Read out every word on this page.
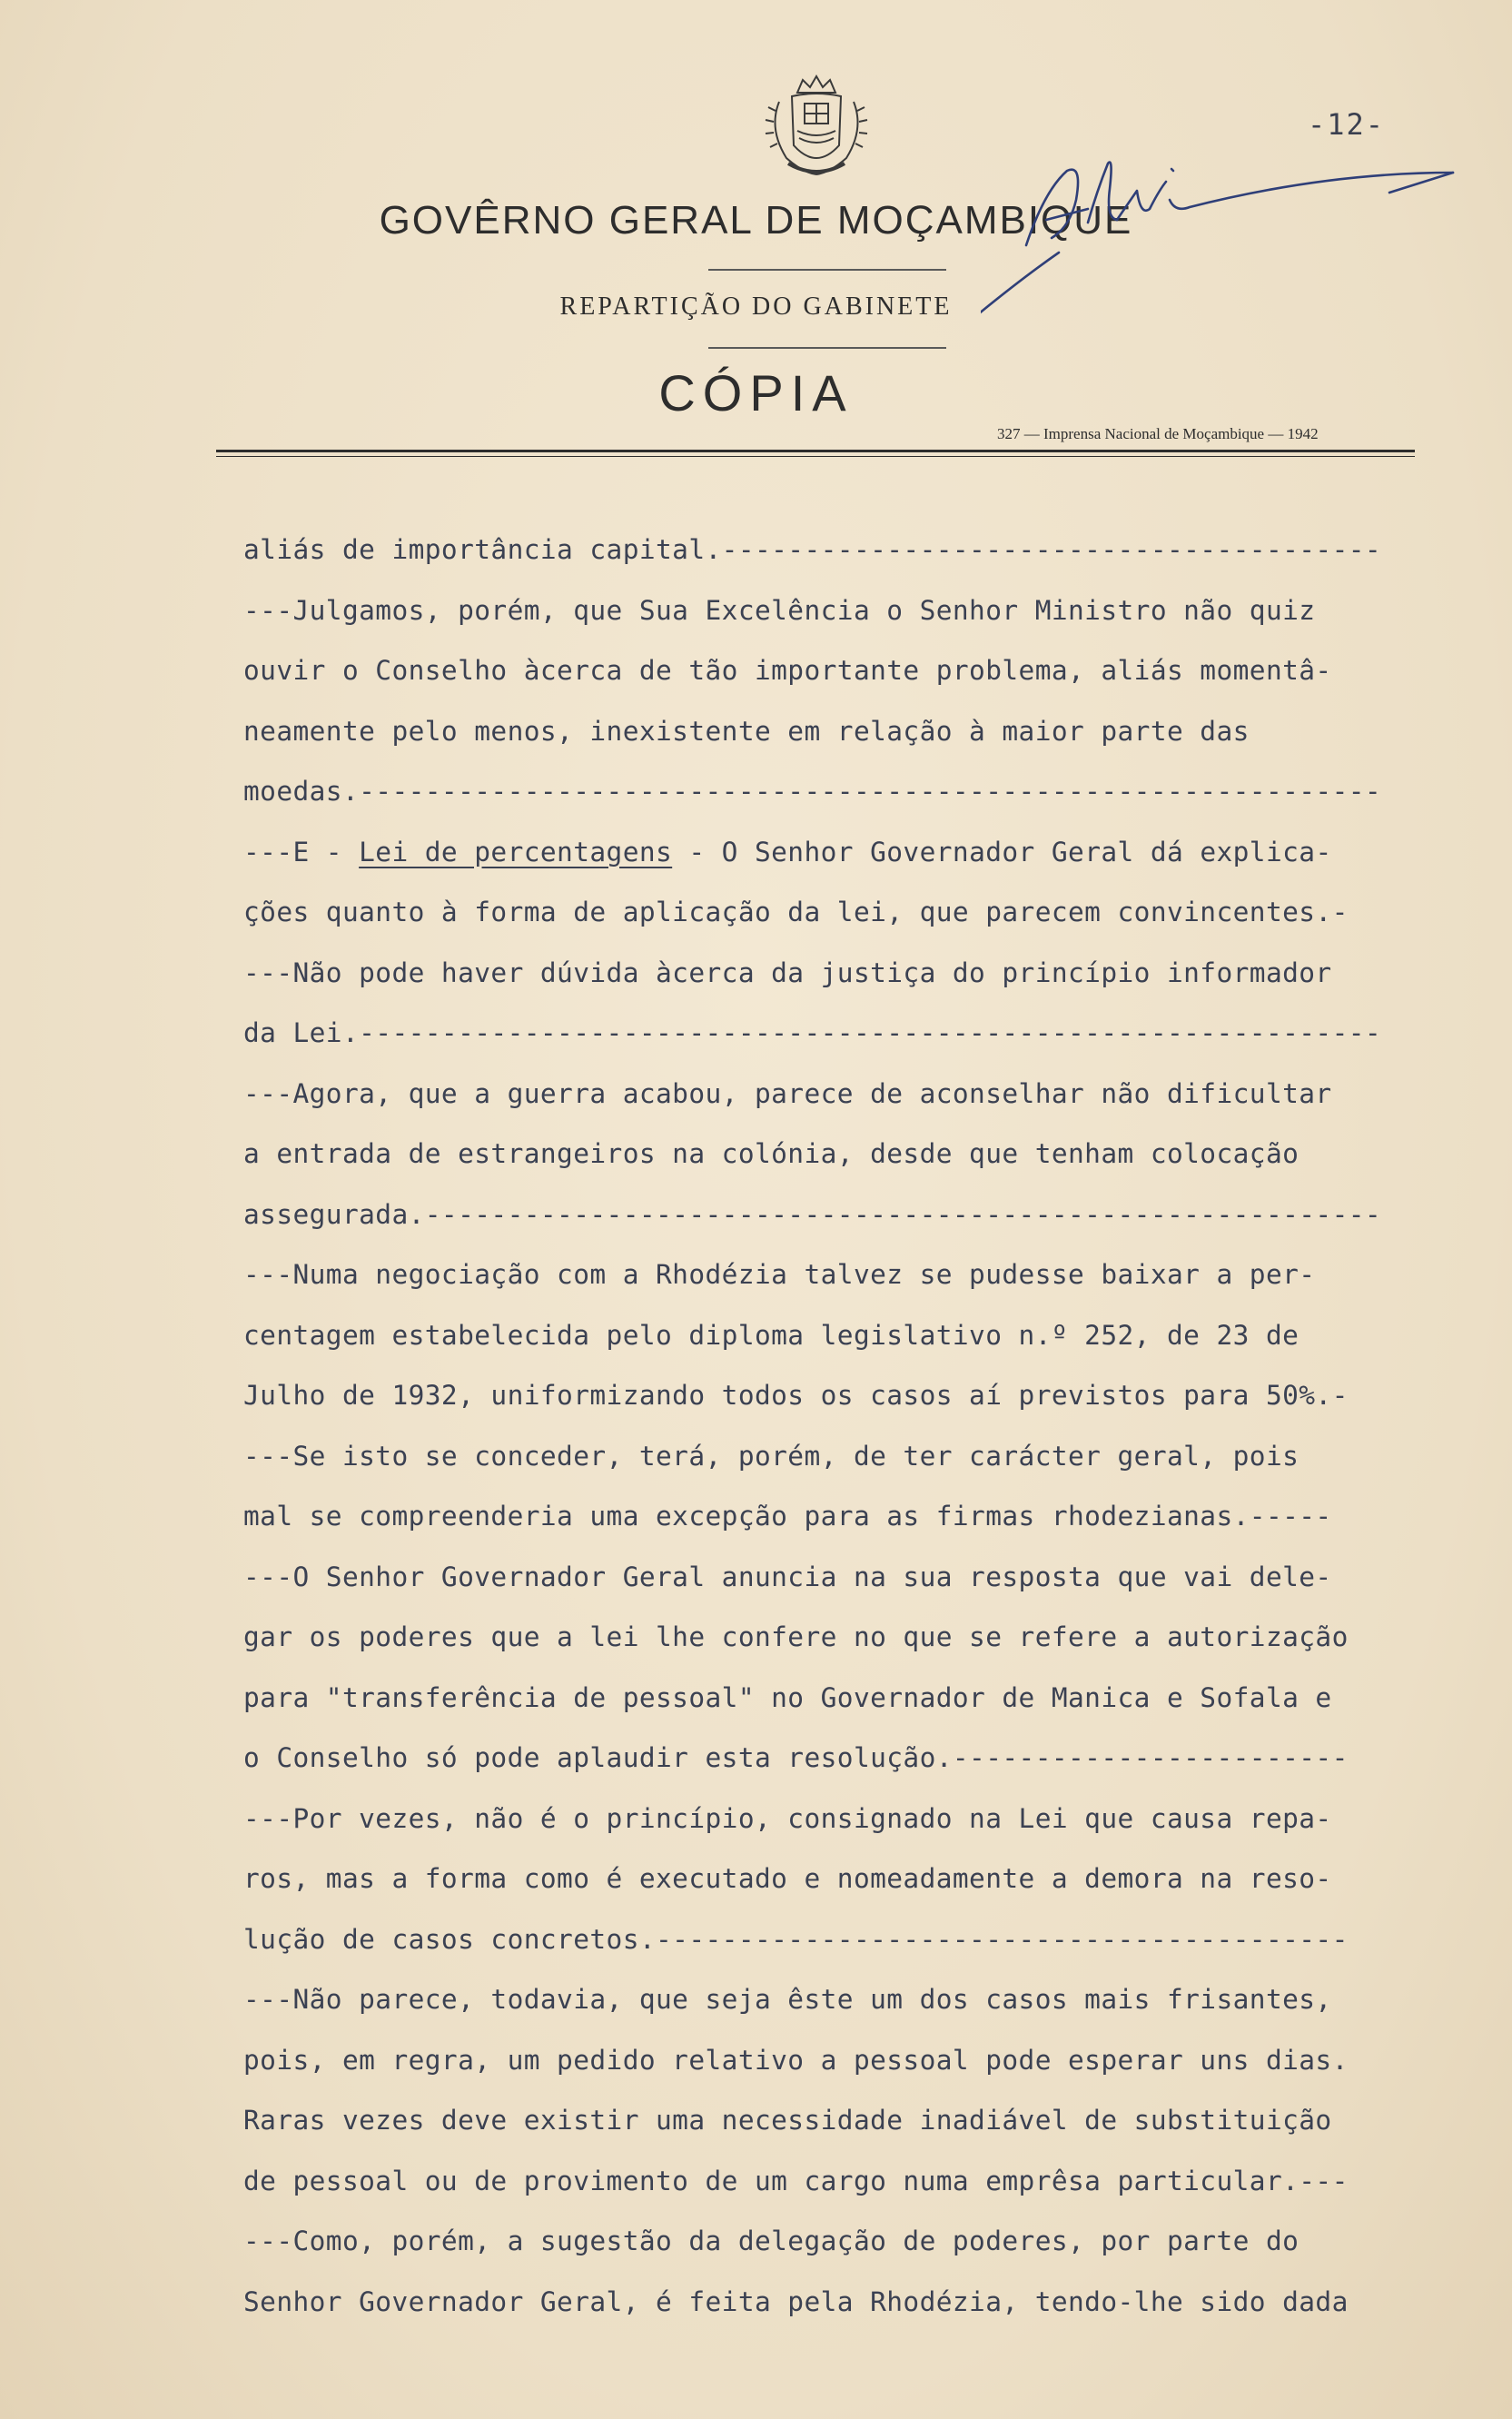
-12-
GOVÊRNO GERAL DE MOÇAMBIQUE
REPARTIÇÃO DO GABINETE
CÓPIA
327 — Imprensa Nacional de Moçambique — 1942
aliás de importância capital.----------------------------------------
---Julgamos, porém, que Sua Excelência o Senhor Ministro não quiz
ouvir o Conselho àcerca de tão importante problema, aliás momentâ-
neamente pelo menos, inexistente em relação à maior parte das
moedas.--------------------------------------------------------------
---E - Lei de percentagens - O Senhor Governador Geral dá explica-
ções quanto à forma de aplicação da lei, que parecem convincentes.-
---Não pode haver dúvida àcerca da justiça do princípio informador
da Lei.--------------------------------------------------------------
---Agora, que a guerra acabou, parece de aconselhar não dificultar
a entrada de estrangeiros na colónia, desde que tenham colocação
assegurada.----------------------------------------------------------
---Numa negociação com a Rhodézia talvez se pudesse baixar a per-
centagem estabelecida pelo diploma legislativo n.º 252, de 23 de
Julho de 1932, uniformizando todos os casos aí previstos para 50%.-
---Se isto se conceder, terá, porém, de ter carácter geral, pois
mal se compreenderia uma excepção para as firmas rhodezianas.-----
---O Senhor Governador Geral anuncia na sua resposta que vai dele-
gar os poderes que a lei lhe confere no que se refere a autorização
para "transferência de pessoal" no Governador de Manica e Sofala e
o Conselho só pode aplaudir esta resolução.------------------------
---Por vezes, não é o princípio, consignado na Lei que causa repa-
ros, mas a forma como é executado e nomeadamente a demora na reso-
lução de casos concretos.------------------------------------------
---Não parece, todavia, que seja êste um dos casos mais frisantes,
pois, em regra, um pedido relativo a pessoal pode esperar uns dias.
Raras vezes deve existir uma necessidade inadiável de substituição
de pessoal ou de provimento de um cargo numa emprêsa particular.---
---Como, porém, a sugestão da delegação de poderes, por parte do
Senhor Governador Geral, é feita pela Rhodézia, tendo-lhe sido dada
